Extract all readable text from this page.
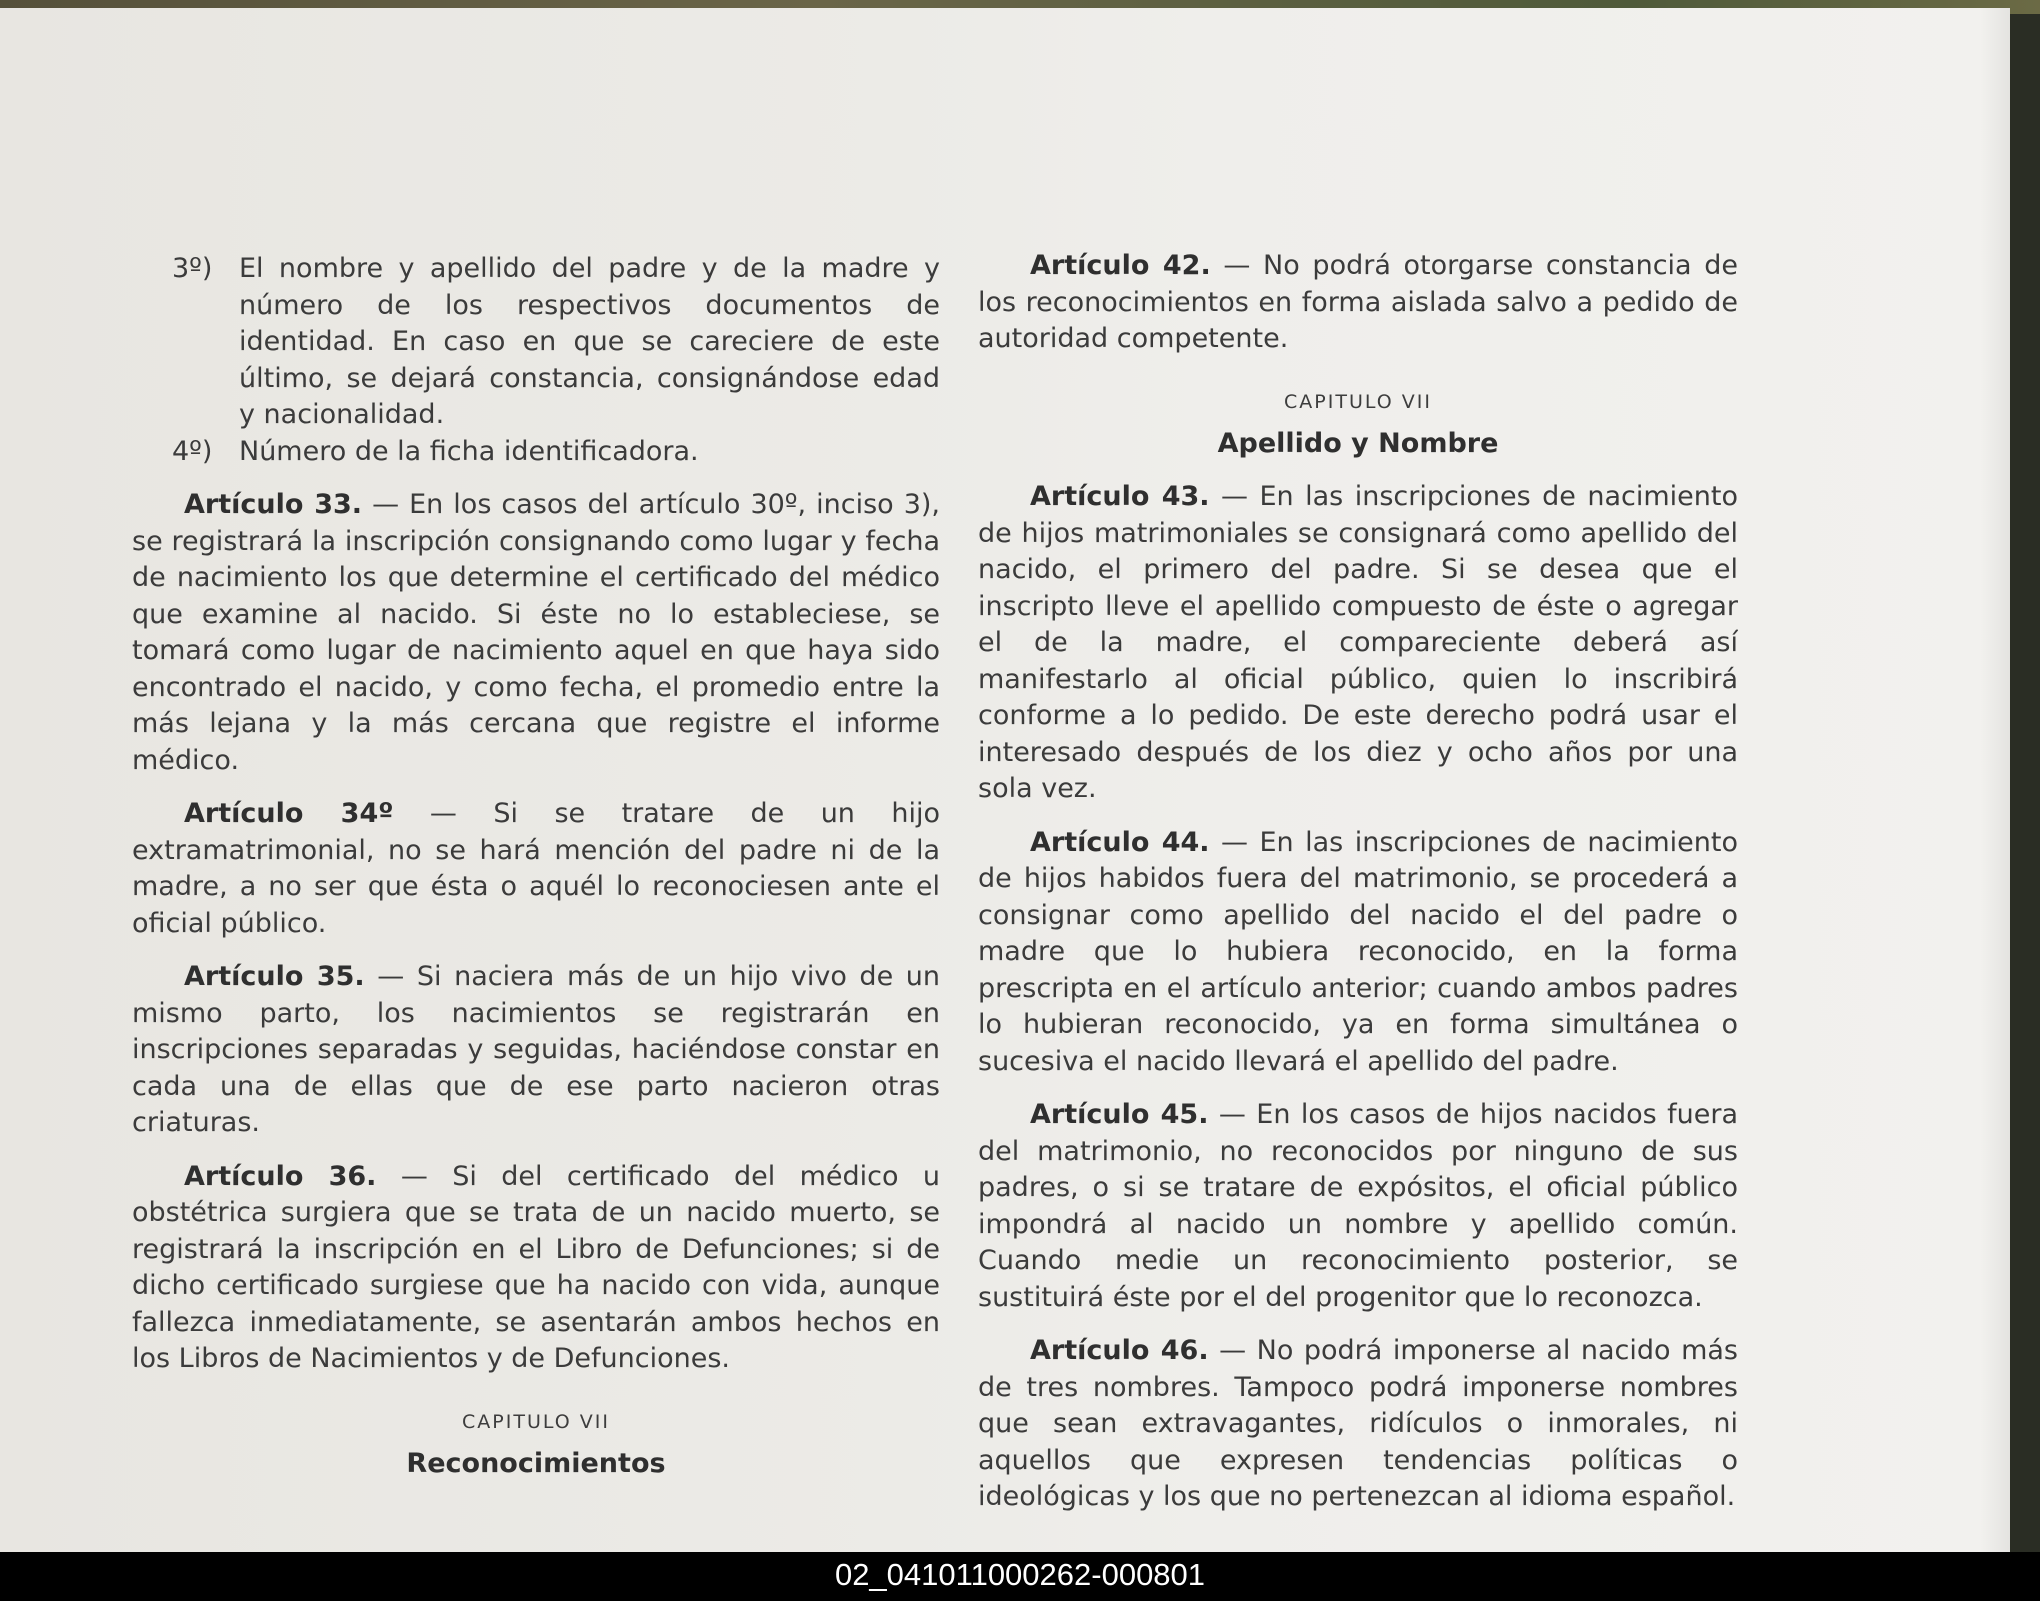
3º) El nombre y apellido del padre y de la madre y número de los respectivos documentos de identidad. En caso en que se careciere de este último, se dejará constancia, consignándose edad y nacionalidad.
4º) Número de la ficha identificadora.

Artículo 33. — En los casos del artículo 30º, inciso 3), se registrará la inscripción consignando como lugar y fecha de nacimiento los que determine el certificado del médico que examine al nacido. Si éste no lo estableciese, se tomará como lugar de nacimiento aquel en que haya sido encontrado el nacido, y como fecha, el promedio entre la más lejana y la más cercana que registre el informe médico.

Artículo 34º — Si se tratare de un hijo extramatrimonial, no se hará mención del padre ni de la madre, a no ser que ésta o aquél lo reconociesen ante el oficial público.

Artículo 35. — Si naciera más de un hijo vivo de un mismo parto, los nacimientos se registrarán en inscripciones separadas y seguidas, haciéndose constar en cada una de ellas que de ese parto nacieron otras criaturas.

Artículo 36. — Si del certificado del médico u obstétrica surgiera que se trata de un nacido muerto, se registrará la inscripción en el Libro de Defunciones; si de dicho certificado surgiese que ha nacido con vida, aunque fallezca inmediatamente, se asentarán ambos hechos en los Libros de Nacimientos y de Defunciones.

CAPITULO VII

Reconocimientos

Artículo 42. — No podrá otorgarse constancia de los reconocimientos en forma aislada salvo a pedido de autoridad competente.

CAPITULO VII

Apellido y Nombre

Artículo 43. — En las inscripciones de nacimiento de hijos matrimoniales se consignará como apellido del nacido, el primero del padre. Si se desea que el inscripto lleve el apellido compuesto de éste o agregar el de la madre, el compareciente deberá así manifestarlo al oficial público, quien lo inscribirá conforme a lo pedido. De este derecho podrá usar el interesado después de los diez y ocho años por una sola vez.

Artículo 44. — En las inscripciones de nacimiento de hijos habidos fuera del matrimonio, se procederá a consignar como apellido del nacido el del padre o madre que lo hubiera reconocido, en la forma prescripta en el artículo anterior; cuando ambos padres lo hubieran reconocido, ya en forma simultánea o sucesiva el nacido llevará el apellido del padre.

Artículo 45. — En los casos de hijos nacidos fuera del matrimonio, no reconocidos por ninguno de sus padres, o si se tratare de expósitos, el oficial público impondrá al nacido un nombre y apellido común. Cuando medie un reconocimiento posterior, se sustituirá éste por el del progenitor que lo reconozca.

Artículo 46. — No podrá imponerse al nacido más de tres nombres. Tampoco podrá imponerse nombres que sean extravagantes, ridículos o inmorales, ni aquellos que expresen tendencias políticas o ideológicas y los que no pertenezcan al idioma español.

02_041011000262-000801
